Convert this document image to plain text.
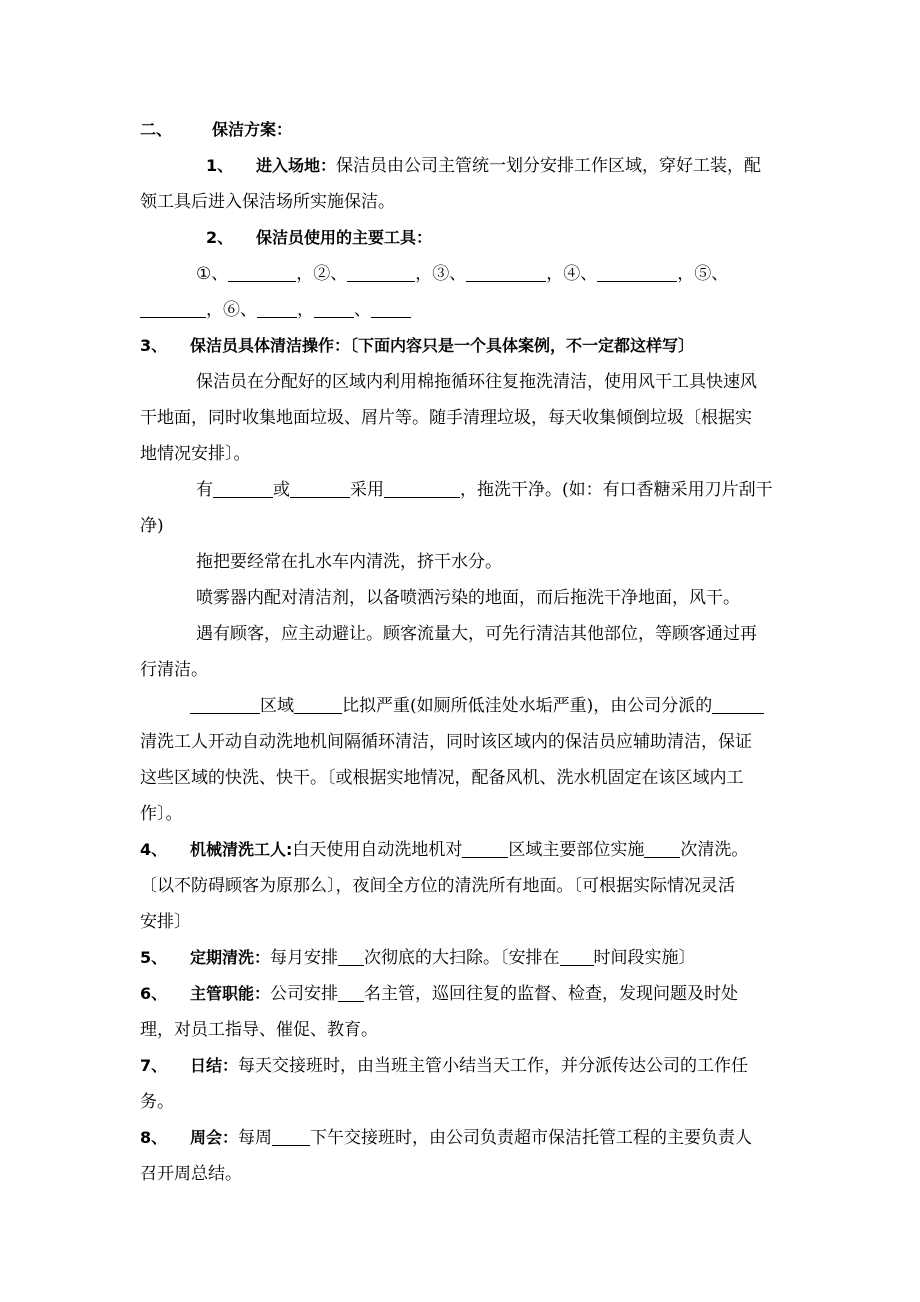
二、 保洁方案：

1、 进入场地：保洁员由公司主管统一划分安排工作区域，穿好工装，配

领工具后进入保洁场所实施保洁。

2、 保洁员使用的主要工具：

①、	，②、	，③、	，④、	，⑤、

，⑥、 ， 、

3、 保洁员具体清洁操作：〔下面内容只是一个具体案例，不一定都这样写〕

保洁员在分配好的区域内利用棉拖循环往复拖洗清洁，使用风干工具快速风

干地面，同时收集地面垃圾、屑片等。随手清理垃圾，每天收集倾倒垃圾〔根据实

地情况安排〕。

有	或	采用	，拖洗干净。(如：有口香糖采用刀片刮干

净)

拖把要经常在扎水车内清洗，挤干水分。

喷雾器内配对清洁剂，以备喷洒污染的地面，而后拖洗干净地面，风干。

遇有顾客，应主动避让。顾客流量大，可先行清洁其他部位，等顾客通过再

行清洁。

区域	比拟严重(如厕所低洼处水垢严重)，由公司分派的

清洗工人开动自动洗地机间隔循环清洁，同时该区域内的保洁员应辅助清洁，保证

这些区域的快洗、快干。〔或根据实地情况，配备风机、洗水机固定在该区域内工

作〕。

4、 机械清洗工人:白天使用自动洗地机对	区域主要部位实施 次清洗。

〔以不防碍顾客为原那么〕，夜间全方位的清洗所有地面。〔可根据实际情况灵活

安排〕

5、 定期清洗：每月安排 次彻底的大扫除。〔安排在 时间段实施〕

6、 主管职能：公司安排 名主管，巡回往复的监督、检查，发现问题及时处

理，对员工指导、催促、教育。

7、 日结：每天交接班时，由当班主管小结当天工作，并分派传达公司的工作任

务。

8、 周会：每周 下午交接班时，由公司负责超市保洁托管工程的主要负责人

召开周总结。
